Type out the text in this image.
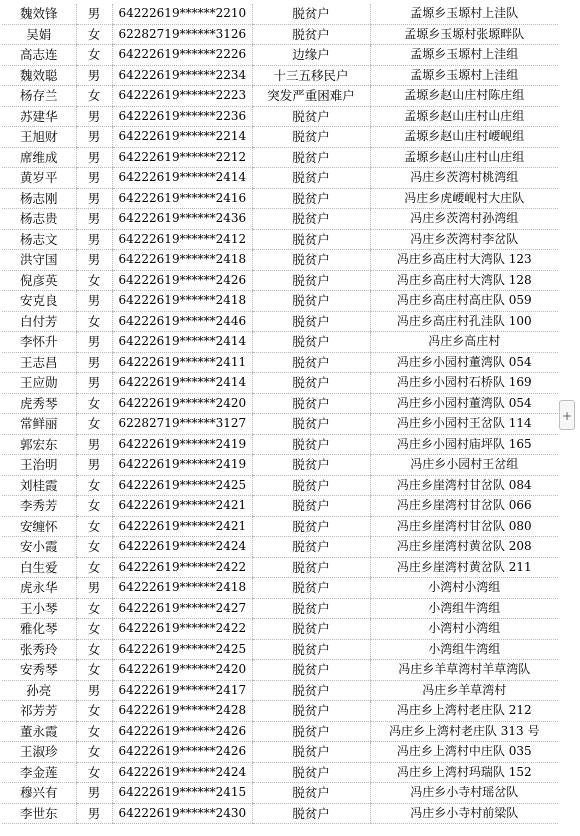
魏效锋	男	64222619******2210	脱贫户	孟塬乡玉塬村上洼队
吴娟	女	62282719******3126	脱贫户	孟塬乡玉塬村张塬畔队
高志连	女	64222619******2226	边缘户	孟塬乡玉塬村上洼组
魏效聪	男	64222619******2234	十三五移民户	孟塬乡玉塬村上洼组
杨存兰	女	64222619******2223	突发严重困难户	孟塬乡赵山庄村陈庄组
苏建华	男	64222619******2236	脱贫户	孟塬乡赵山庄村山庄组
王旭财	男	64222619******2214	脱贫户	孟塬乡赵山庄村崾岘组
席维成	男	64222619******2212	脱贫户	孟塬乡赵山庄村山庄组
黄岁平	男	64222619******2414	脱贫户	冯庄乡茨湾村桃湾组
杨志刚	男	64222619******2416	脱贫户	冯庄乡虎崾岘村大庄队
杨志贵	男	64222619******2436	脱贫户	冯庄乡茨湾村孙湾组
杨志文	男	64222619******2412	脱贫户	冯庄乡茨湾村李岔队
洪守国	男	64222619******2418	脱贫户	冯庄乡高庄村大湾队 123
倪彦英	女	64222619******2426	脱贫户	冯庄乡高庄村大湾队 128
安克良	男	64222619******2418	脱贫户	冯庄乡高庄村高庄队 059
白付芳	女	64222619******2446	脱贫户	冯庄乡高庄村孔洼队 100
李怀升	男	64222619******2414	脱贫户	冯庄乡高庄村
王志昌	男	64222619******2411	脱贫户	冯庄乡小园村董湾队 054
王应勋	男	64222619******2414	脱贫户	冯庄乡小园村石桥队 169
虎秀琴	女	64222619******2420	脱贫户	冯庄乡小园村董湾队 054
常鲜丽	女	62282719******3127	脱贫户	冯庄乡小园村王岔队 114
郭宏东	男	64222619******2419	脱贫户	冯庄乡小园村庙坪队 165
王治明	男	64222619******2419	脱贫户	冯庄乡小园村王岔组
刘桂霞	女	64222619******2425	脱贫户	冯庄乡崖湾村甘岔队 084
李秀芳	女	64222619******2421	脱贫户	冯庄乡崖湾村甘岔队 066
安缠怀	女	64222619******2421	脱贫户	冯庄乡崖湾村甘岔队 080
安小霞	女	64222619******2424	脱贫户	冯庄乡崖湾村黄岔队 208
白生爱	女	64222619******2422	脱贫户	冯庄乡崖湾村黄岔队 211
虎永华	男	64222619******2418	脱贫户	小湾村小湾组
王小琴	女	64222619******2427	脱贫户	小湾组牛湾组
雅化琴	女	64222619******2422	脱贫户	小湾村小湾组
张秀玲	女	64222619******2425	脱贫户	小湾组牛湾组
安秀琴	女	64222619******2420	脱贫户	冯庄乡羊草湾村羊草湾队
孙亮	男	64222619******2417	脱贫户	冯庄乡羊草湾村
祁芳芳	女	64222619******2428	脱贫户	冯庄乡上湾村老庄队 212
董永霞	女	64222619******2426	脱贫户	冯庄乡上湾村老庄队 313 号
王淑珍	女	64222619******2426	脱贫户	冯庄乡上湾村中庄队 035
李金莲	女	64222619******2424	脱贫户	冯庄乡上湾村玛瑞队 152
穆兴有	男	64222619******2415	脱贫户	冯庄乡小寺村瑶岔队
李世东	男	64222619******2430	脱贫户	冯庄乡小寺村前梁队
+
